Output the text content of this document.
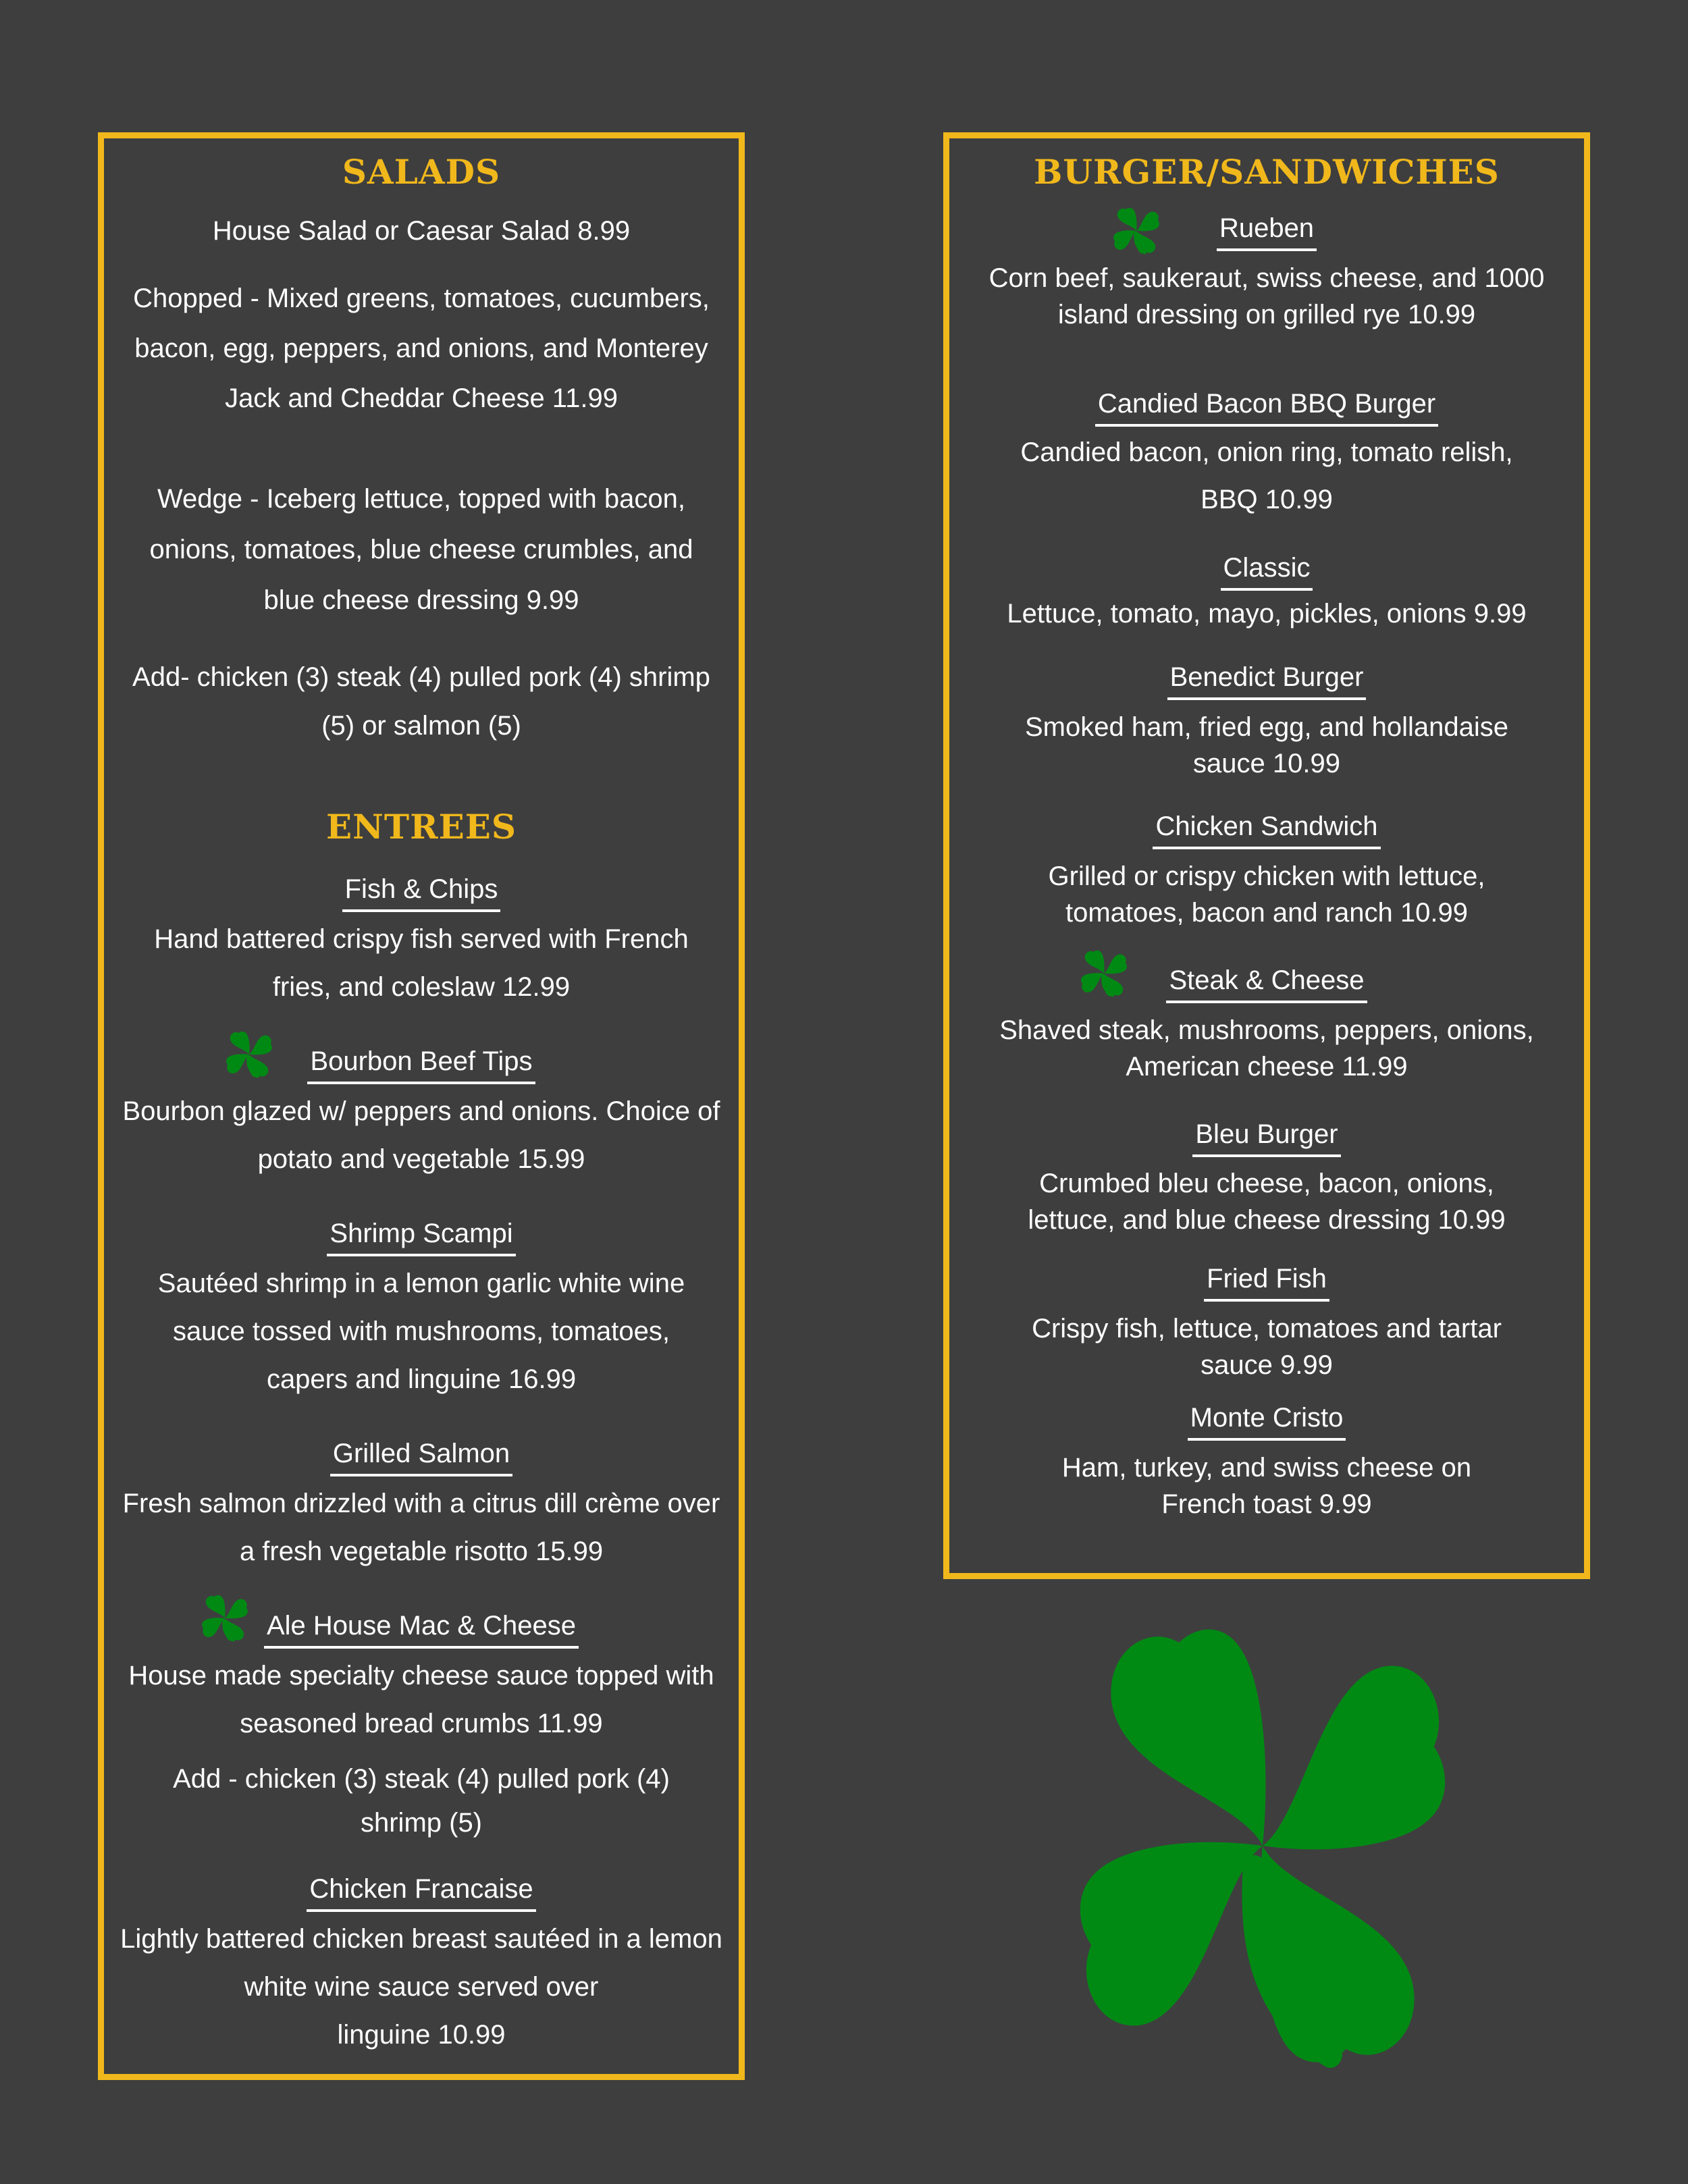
SALADS
House Salad or Caesar Salad 8.99
Chopped - Mixed greens, tomatoes, cucumbers,
bacon, egg, peppers, and onions, and Monterey
Jack and Cheddar Cheese 11.99
Wedge - Iceberg lettuce, topped with bacon,
onions, tomatoes, blue cheese crumbles, and
blue cheese dressing 9.99
Add- chicken (3) steak (4) pulled pork (4) shrimp
(5) or salmon (5)
ENTREES
Fish & Chips
Hand battered crispy fish served with French
fries, and coleslaw 12.99
Bourbon Beef Tips
Bourbon glazed w/ peppers and onions. Choice of
potato and vegetable 15.99
Shrimp Scampi
Sautéed shrimp in a lemon garlic white wine
sauce tossed with mushrooms, tomatoes,
capers and linguine 16.99
Grilled Salmon
Fresh salmon drizzled with a citrus dill crème over
a fresh vegetable risotto 15.99
Ale House Mac & Cheese
House made specialty cheese sauce topped with
seasoned bread crumbs 11.99
Add - chicken (3) steak (4) pulled pork (4)
shrimp (5)
Chicken Francaise
Lightly battered chicken breast sautéed in a lemon
white wine sauce served over
linguine 10.99
BURGER/SANDWICHES
Rueben
Corn beef, saukeraut, swiss cheese, and 1000
island dressing on grilled rye 10.99
Candied Bacon BBQ Burger
Candied bacon, onion ring, tomato relish,
BBQ 10.99
Classic
Lettuce, tomato, mayo, pickles, onions 9.99
Benedict Burger
Smoked ham, fried egg, and hollandaise
sauce 10.99
Chicken Sandwich
Grilled or crispy chicken with lettuce,
tomatoes, bacon and ranch 10.99
Steak & Cheese
Shaved steak, mushrooms, peppers, onions,
American cheese 11.99
Bleu Burger
Crumbed bleu cheese, bacon, onions,
lettuce, and blue cheese dressing 10.99
Fried Fish
Crispy fish, lettuce, tomatoes and tartar
sauce 9.99
Monte Cristo
Ham, turkey, and swiss cheese on
French toast 9.99
